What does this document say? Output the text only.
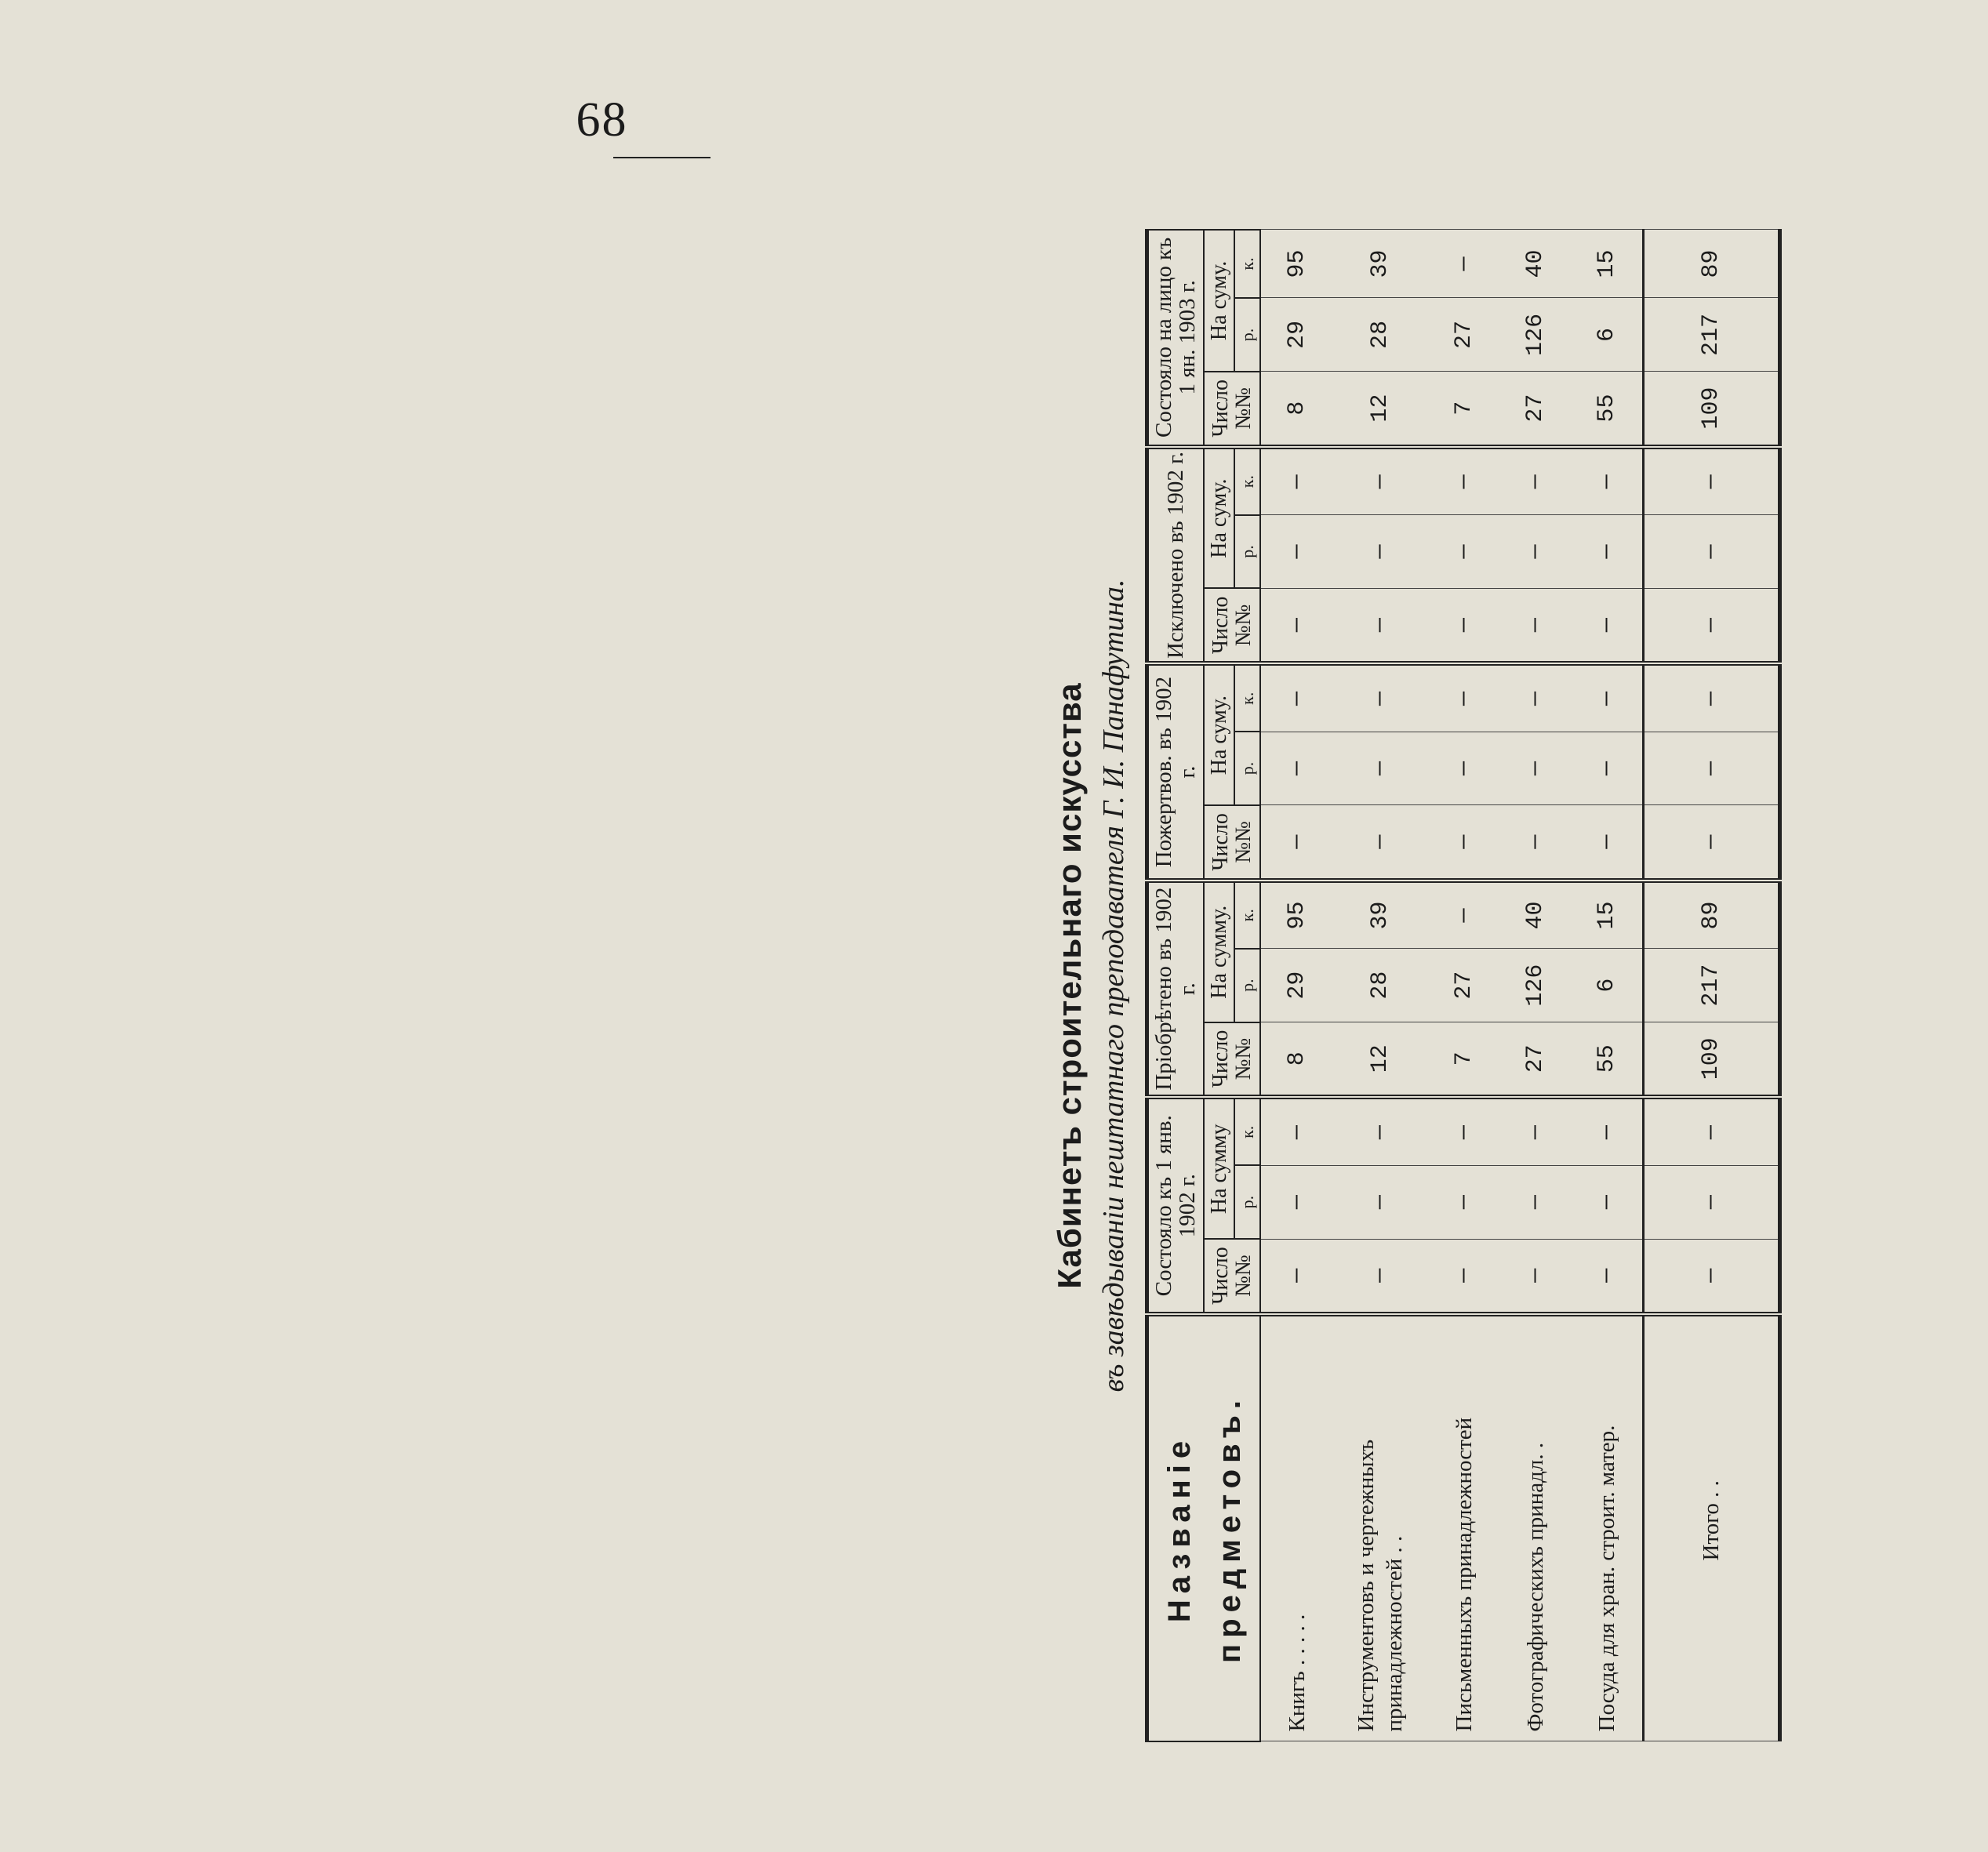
68
Кабинетъ строительнаго искусства въ завѣдываніи нештатнаго преподавателя Г. И. Панафутина.
Названіе предметовъ.	Состояло къ 1 янв. 1902 г.			Пріобрѣтено въ 1902 г.			Пожертвов. въ 1902 г.			Исключено въ 1902 г.			Состояло на лицо къ 1 ян. 1903 г.		
	Число №№	На сумму		Число №№	На сумму.		Число №№	На суму.		Число №№	На суму.		Число №№	На суму.	
		р.	к.		р.	к.		р.	к.		р.	к.		р.	к.
Книгъ . . . . .	—	—	—	8	29	95	—	—	—	—	—	—	8	29	95
Инструментовъ и чертежныхъ принадлежностей . .	—	—	—	12	28	39	—	—	—	—	—	—	12	28	39
Письменныхъ принадлежностей	—	—	—	7	27	—	—	—	—	—	—	—	7	27	—
Фотографическихъ принадл. .	—	—	—	27	126	40	—	—	—	—	—	—	27	126	40
Посуда для хран. строит. матер.	—	—	—	55	6	15	—	—	—	—	—	—	55	6	15
Итого . .	—	—	—	109	217	89	—	—	—	—	—	—	109	217	89
